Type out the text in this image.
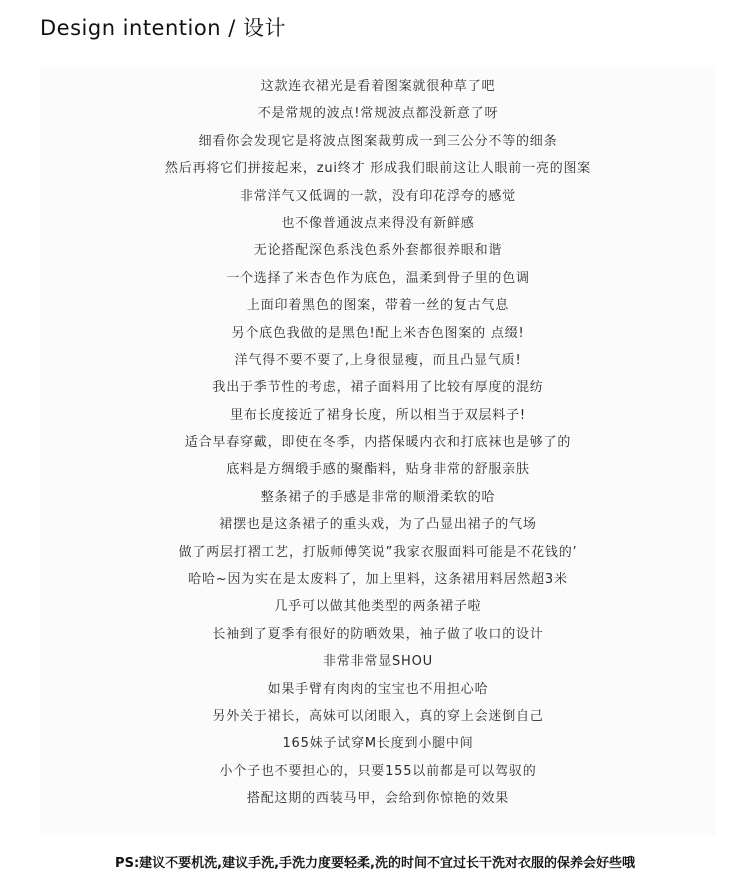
Design intention / 设计
这款连衣裙光是看着图案就很种草了吧
不是常规的波点!常规波点都没新意了呀
细看你会发现它是将波点图案裁剪成一到三公分不等的细条
然后再将它们拼接起来，zui终才 形成我们眼前这让人眼前一亮的图案
非常洋气又低调的一款，没有印花浮夸的感觉
也不像普通波点来得没有新鲜感
无论搭配深色系浅色系外套都很养眼和谐
一个选择了米杏色作为底色，温柔到骨子里的色调
上面印着黑色的图案，带着一丝的复古气息
另个底色我做的是黑色!配上米杏色图案的 点缀!
洋气得不要不要了,上身很显瘦，而且凸显气质!
我出于季节性的考虑，裙子面料用了比较有厚度的混纺
里布长度接近了裙身长度，所以相当于双层料子!
适合早春穿戴，即使在冬季，内搭保暖内衣和打底袜也是够了的
底料是方绸缎手感的聚酯料，贴身非常的舒服亲肤
整条裙子的手感是非常的顺滑柔软的哈
裙摆也是这条裙子的重头戏，为了凸显出裙子的气场
做了两层打褶工艺，打版师傅笑说”我家衣服面料可能是不花钱的’
哈哈~因为实在是太废料了，加上里料，这条裙用料居然超3米
几乎可以做其他类型的两条裙子啦
长袖到了夏季有很好的防晒效果，袖子做了收口的设计
非常非常显SHOU
如果手臂有肉肉的宝宝也不用担心哈
另外关于裙长，高妹可以闭眼入，真的穿上会迷倒自己
165妹子试穿M长度到小腿中间
小个子也不要担心的，只要155以前都是可以驾驭的
搭配这期的西装马甲，会给到你惊艳的效果
PS:建议不要机洗,建议手洗,手洗力度要轻柔,洗的时间不宜过长干洗对衣服的保养会好些哦
